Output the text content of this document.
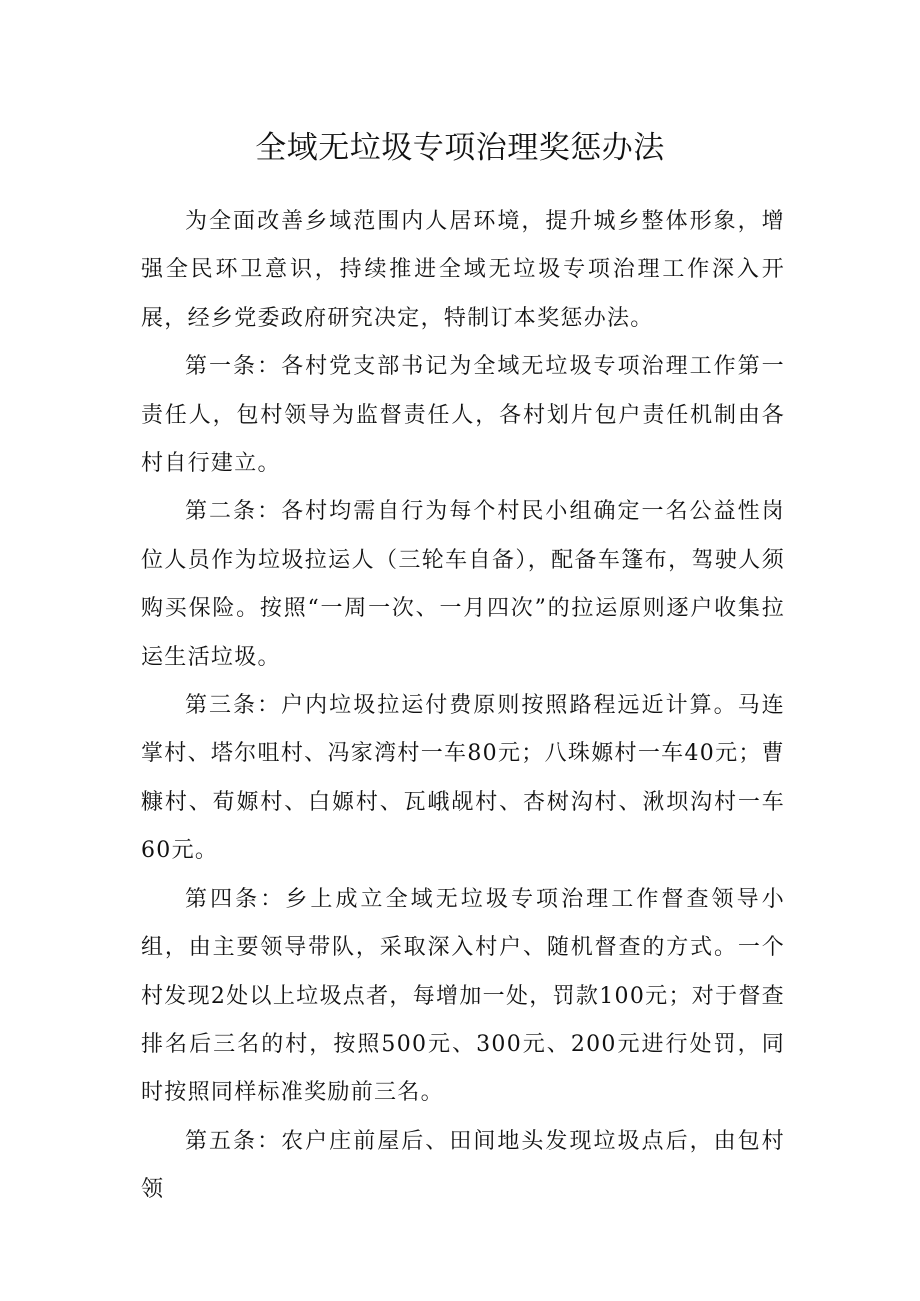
全域无垃圾专项治理奖惩办法

为全面改善乡域范围内人居环境，提升城乡整体形象，增强全民环卫意识，持续推进全域无垃圾专项治理工作深入开展，经乡党委政府研究决定，特制订本奖惩办法。

第一条：各村党支部书记为全域无垃圾专项治理工作第一责任人，包村领导为监督责任人，各村划片包户责任机制由各村自行建立。

第二条：各村均需自行为每个村民小组确定一名公益性岗位人员作为垃圾拉运人（三轮车自备），配备车篷布，驾驶人须购买保险。按照“一周一次、一月四次”的拉运原则逐户收集拉运生活垃圾。

第三条：户内垃圾拉运付费原则按照路程远近计算。马连掌村、塔尔咀村、冯家湾村一车80元；八珠嫄村一车40元；曹糠村、荀嫄村、白嫄村、瓦峨觇村、杏树沟村、湫坝沟村一车60元。

第四条：乡上成立全域无垃圾专项治理工作督查领导小组，由主要领导带队，采取深入村户、随机督查的方式。一个村发现2处以上垃圾点者，每增加一处，罚款100元；对于督查排名后三名的村，按照500元、300元、200元进行处罚，同时按照同样标准奖励前三名。

第五条：农户庄前屋后、田间地头发现垃圾点后，由包村领
